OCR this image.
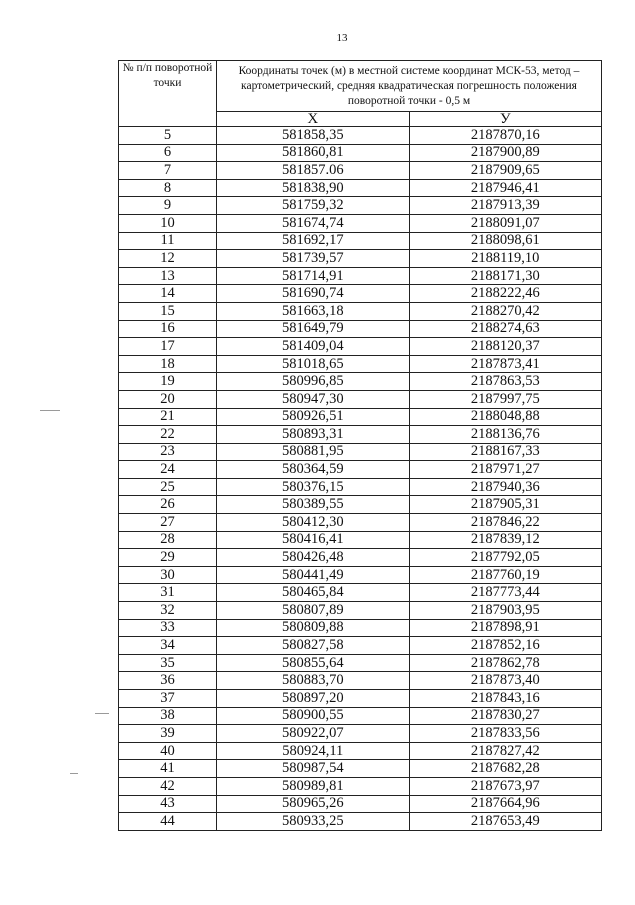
13
№ п/п поворотной точки	Координаты точек (м) в местной системе координат МСК-53, метод – картометрический, средняя квадратическая погрешность положения поворотной точки - 0,5 м	
	X	У
5	581858,35	2187870,16
6	581860,81	2187900,89
7	581857.06	2187909,65
8	581838,90	2187946,41
9	581759,32	2187913,39
10	581674,74	2188091,07
11	581692,17	2188098,61
12	581739,57	2188119,10
13	581714,91	2188171,30
14	581690,74	2188222,46
15	581663,18	2188270,42
16	581649,79	2188274,63
17	581409,04	2188120,37
18	581018,65	2187873,41
19	580996,85	2187863,53
20	580947,30	2187997,75
21	580926,51	2188048,88
22	580893,31	2188136,76
23	580881,95	2188167,33
24	580364,59	2187971,27
25	580376,15	2187940,36
26	580389,55	2187905,31
27	580412,30	2187846,22
28	580416,41	2187839,12
29	580426,48	2187792,05
30	580441,49	2187760,19
31	580465,84	2187773,44
32	580807,89	2187903,95
33	580809,88	2187898,91
34	580827,58	2187852,16
35	580855,64	2187862,78
36	580883,70	2187873,40
37	580897,20	2187843,16
38	580900,55	2187830,27
39	580922,07	2187833,56
40	580924,11	2187827,42
41	580987,54	2187682,28
42	580989,81	2187673,97
43	580965,26	2187664,96
44	580933,25	2187653,49
